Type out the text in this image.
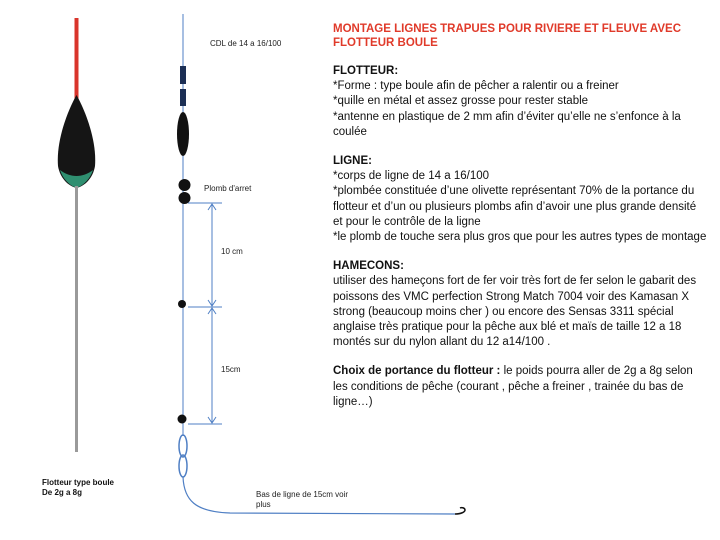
CDL de 14 a 16/100
Plomb d'arret
10 cm
15cm
Bas de ligne de 15cm voir
plus
Flotteur type boule
De 2g a 8g

MONTAGE LIGNES TRAPUES POUR RIVIERE ET FLEUVE AVEC
FLOTTEUR BOULE

FLOTTEUR:

*Forme : type boule afin de pêcher a ralentir ou a freiner

*quille en métal et assez grosse pour rester stable

*antenne en plastique de 2 mm afin d’éviter qu’elle ne s’enfonce à la coulée

LIGNE:

*corps de ligne de 14 a 16/100

*plombée constituée d’une olivette représentant 70% de la portance du flotteur et d’un ou plusieurs plombs afin d’avoir une plus grande densité et pour le contrôle de la ligne

*le plomb de touche sera plus gros que pour les autres types de montage

HAMECONS:

utiliser des hameçons fort de fer voir très fort de fer selon le gabarit des poissons des VMC perfection Strong Match 7004 voir des Kamasan X strong (beaucoup moins cher ) ou encore des Sensas 3311 spécial anglaise très pratique pour la pêche aux blé et maïs de taille 12 a 18 montés sur du nylon allant du 12 a14/100 .

Choix de portance du flotteur : le poids pourra aller de 2g a 8g selon les conditions de pêche (courant , pêche a freiner , trainée du bas de ligne…)
